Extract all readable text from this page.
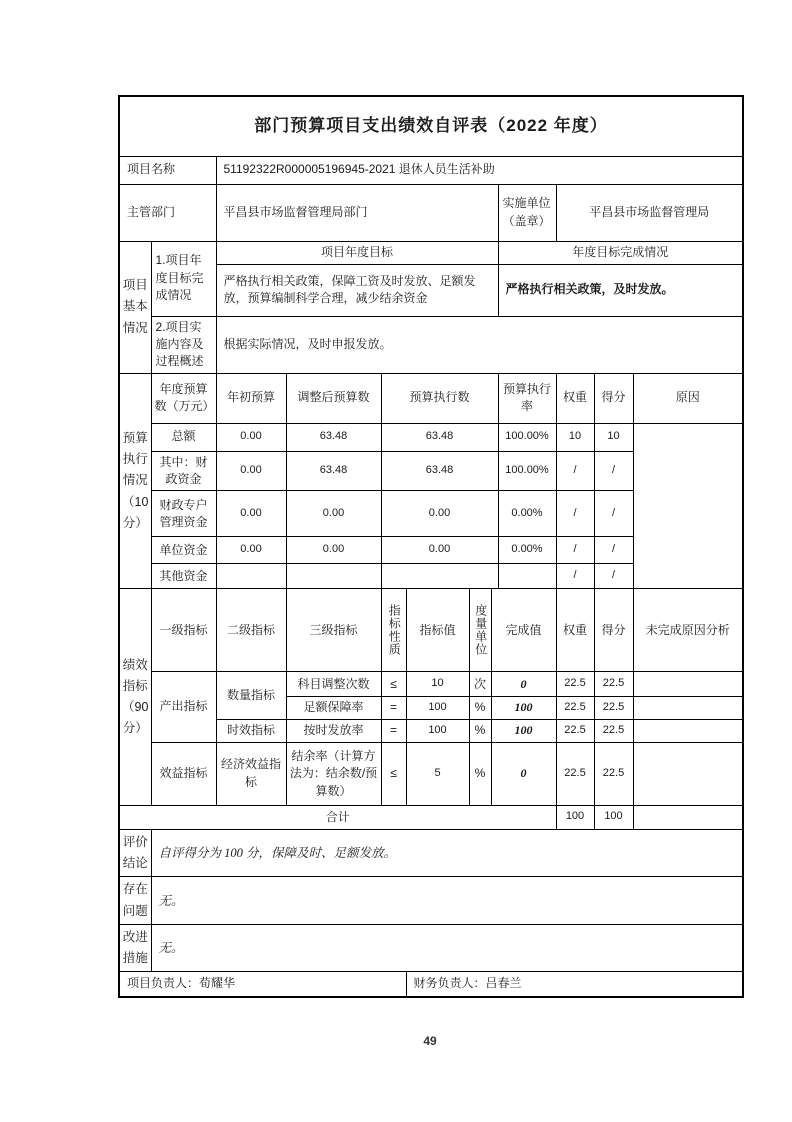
部门预算项目支出绩效自评表（2022 年度）											
项目名称		51192322R000005196945-2021 退休人员生活补助									
主管部门		平昌县市场监督管理局部门						实施单位（盖章）	平昌县市场监督管理局		
项目基本情况	1.项目年度目标完成情况	项目年度目标						年度目标完成情况			
		严格执行相关政策，保障工资及时发放、足额发放，预算编制科学合理，减少结余资金						严格执行相关政策，及时发放。			
	2.项目实施内容及过程概述	根据实际情况，及时申报发放。									
预算执行情况（10分）	年度预算数（万元）	年初预算	调整后预算数	预算执行数				预算执行率	权重	得分	原因
	总额	0.00	63.48	63.48				100.00%	10	10	
	其中：财政资金	0.00	63.48	63.48				100.00%	/	/	
	财政专户管理资金	0.00	0.00	0.00				0.00%	/	/	
	单位资金	0.00	0.00	0.00				0.00%	/	/	
	其他资金								/	/	
绩效指标（90分）	一级指标	二级指标	三级指标	指标性质	指标值	度量单位	完成值		权重	得分	未完成原因分析
	产出指标	数量指标	科目调整次数	≤	10	次	0		22.5	22.5	
			足额保障率	=	100	%	100		22.5	22.5	
		时效指标	按时发放率	=	100	%	100		22.5	22.5	
	效益指标	经济效益指标	结余率（计算方法为：结余数/预算数）	≤	5	%	0		22.5	22.5	
合计									100	100	
评价结论	自评得分为 100 分，保障及时、足额发放。										
存在问题	无。										
改进措施	无。										
项目负责人：荀耀华					财务负责人：吕春兰						
49
